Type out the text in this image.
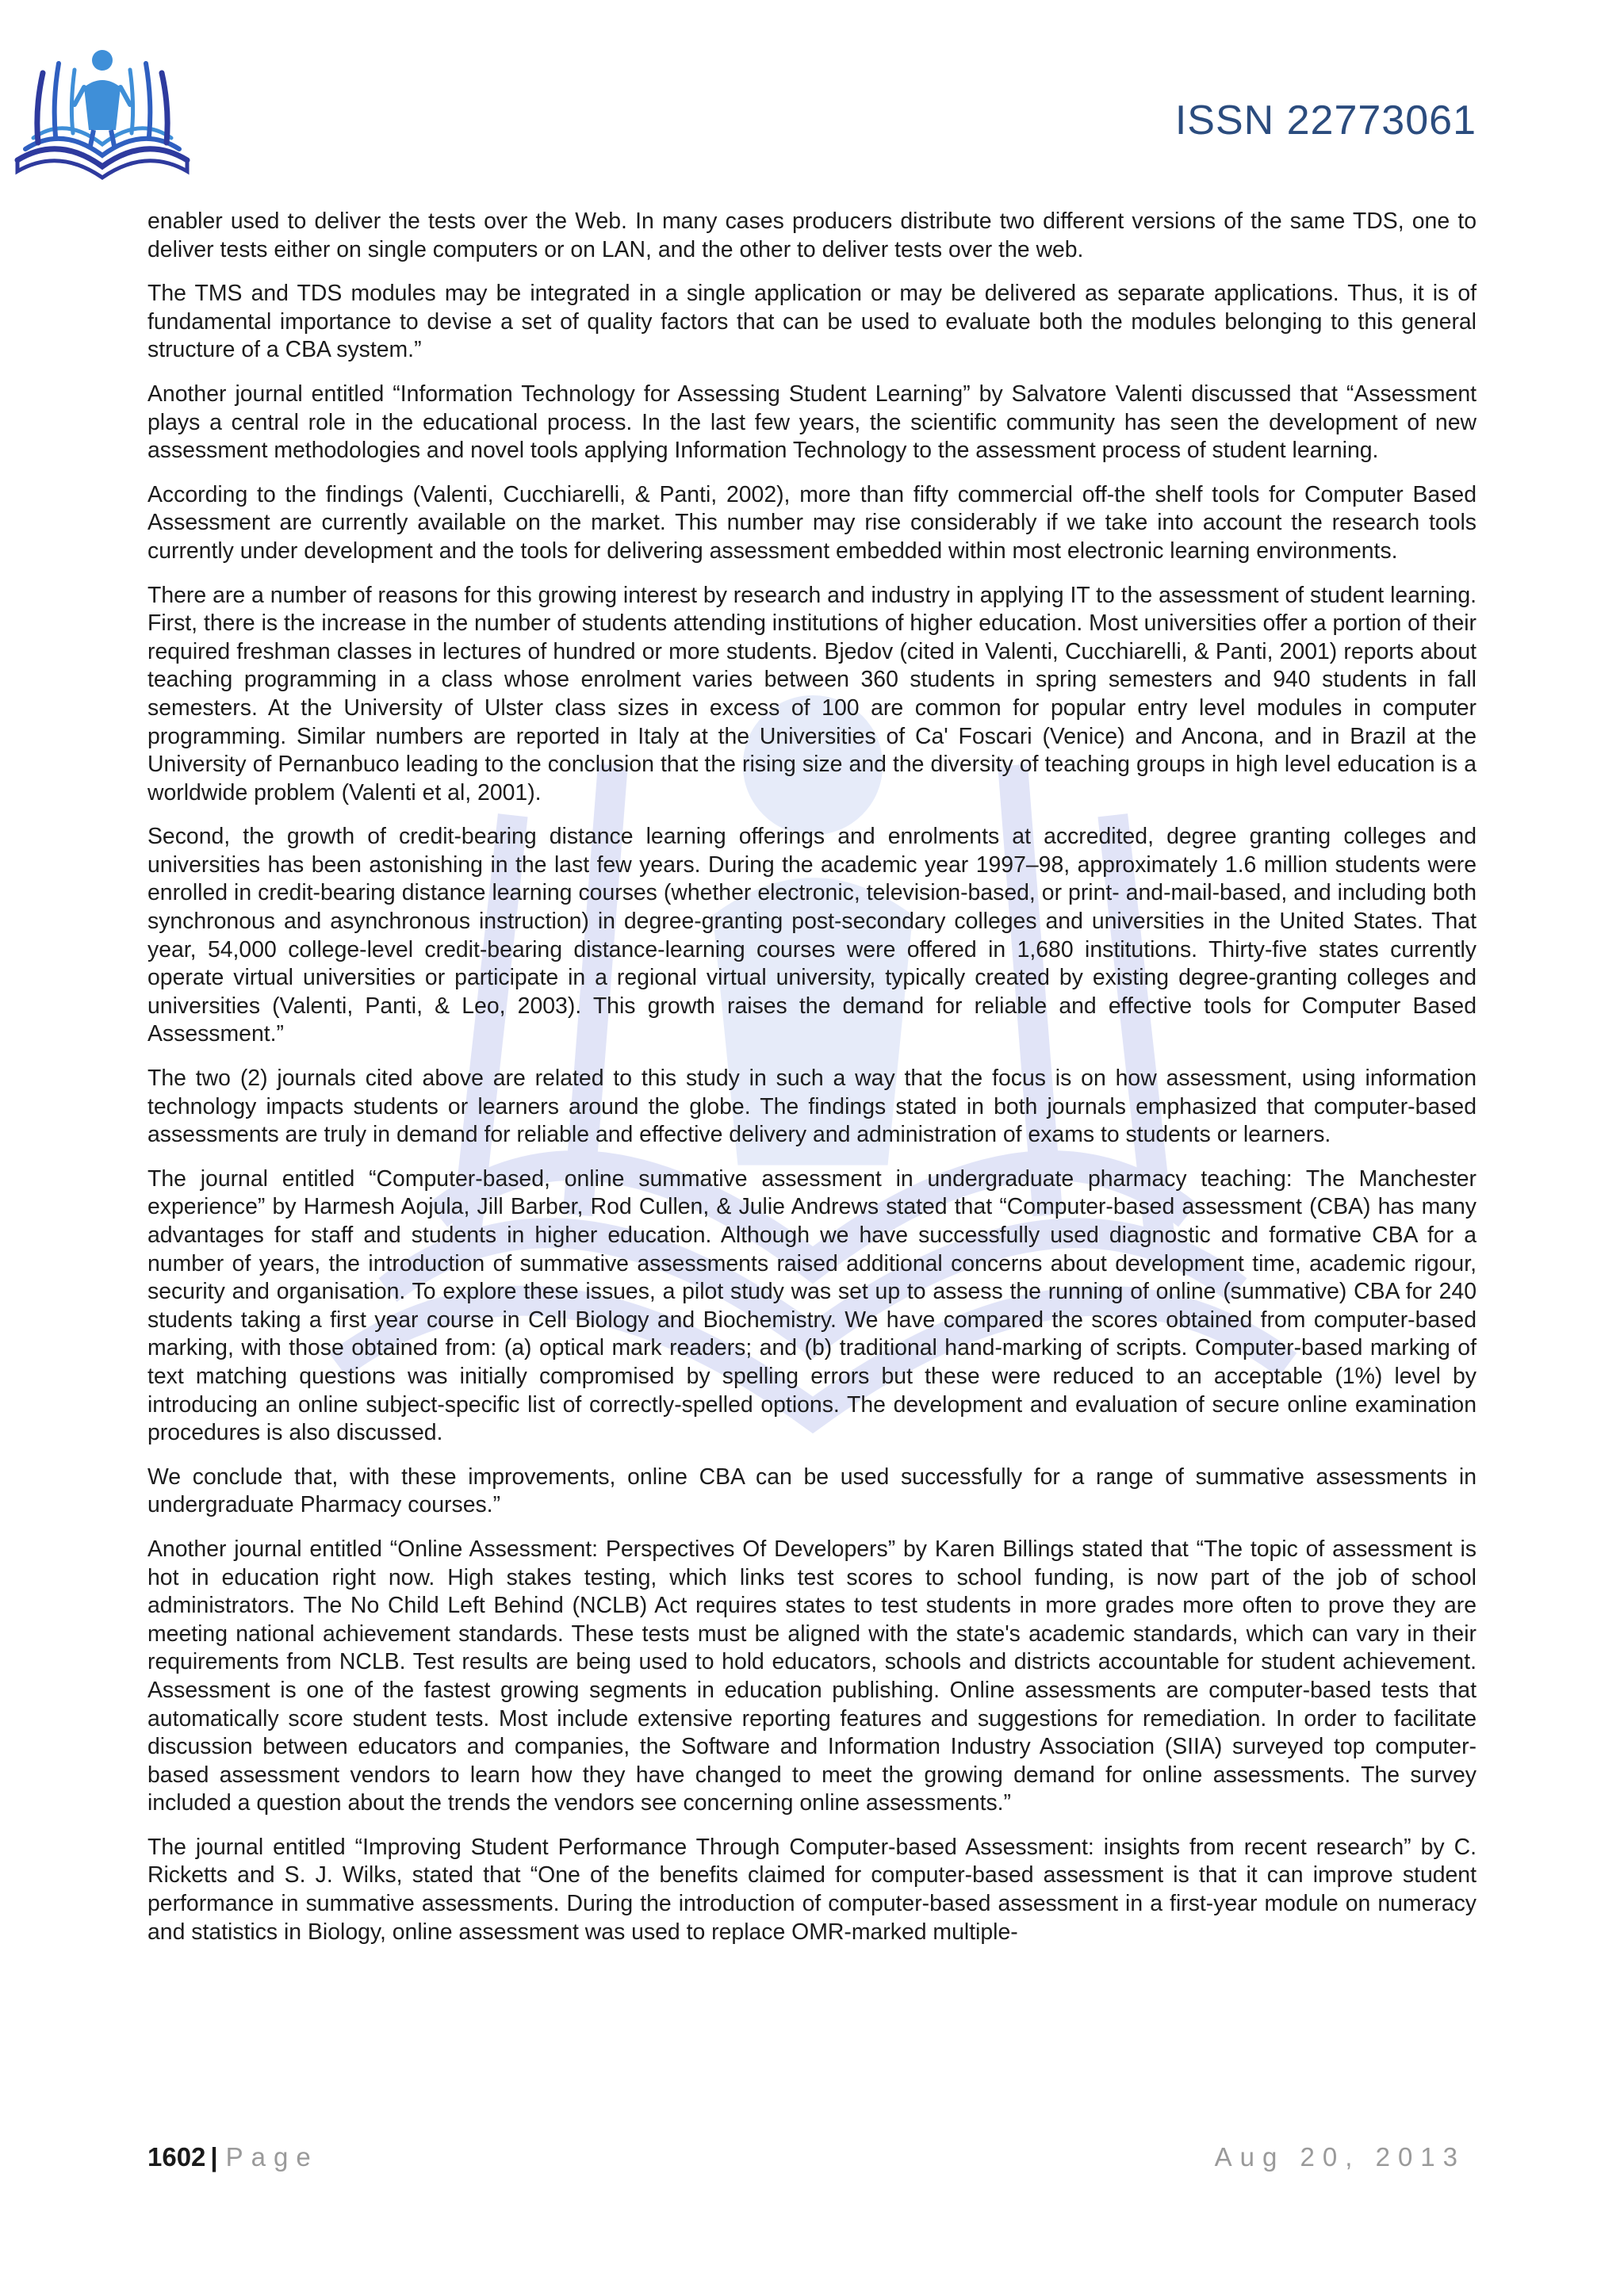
ISSN 22773061

enabler used to deliver the tests over the Web. In many cases producers distribute two different versions of the same TDS, one to deliver tests either on single computers or on LAN, and the other to deliver tests over the web.

The TMS and TDS modules may be integrated in a single application or may be delivered as separate applications. Thus, it is of fundamental importance to devise a set of quality factors that can be used to evaluate both the modules belonging to this general structure of a CBA system.”

Another journal entitled “Information Technology for Assessing Student Learning” by Salvatore Valenti discussed that “Assessment plays a central role in the educational process. In the last few years, the scientific community has seen the development of new assessment methodologies and novel tools applying Information Technology to the assessment process of student learning.

According to the findings (Valenti, Cucchiarelli, & Panti, 2002), more than fifty commercial off-the shelf tools for Computer Based Assessment are currently available on the market. This number may rise considerably if we take into account the research tools currently under development and the tools for delivering assessment embedded within most electronic learning environments.

There are a number of reasons for this growing interest by research and industry in applying IT to the assessment of student learning. First, there is the increase in the number of students attending institutions of higher education. Most universities offer a portion of their required freshman classes in lectures of hundred or more students. Bjedov (cited in Valenti, Cucchiarelli, & Panti, 2001) reports about teaching programming in a class whose enrolment varies between 360 students in spring semesters and 940 students in fall semesters. At the University of Ulster class sizes in excess of 100 are common for popular entry level modules in computer programming. Similar numbers are reported in Italy at the Universities of Ca' Foscari (Venice) and Ancona, and in Brazil at the University of Pernanbuco leading to the conclusion that the rising size and the diversity of teaching groups in high level education is a worldwide problem (Valenti et al, 2001).

Second, the growth of credit-bearing distance learning offerings and enrolments at accredited, degree granting colleges and universities has been astonishing in the last few years. During the academic year 1997–98, approximately 1.6 million students were enrolled in credit-bearing distance learning courses (whether electronic, television-based, or print- and-mail-based, and including both synchronous and asynchronous instruction) in degree-granting post-secondary colleges and universities in the United States. That year, 54,000 college-level credit-bearing distance-learning courses were offered in 1,680 institutions. Thirty-five states currently operate virtual universities or participate in a regional virtual university, typically created by existing degree-granting colleges and universities (Valenti, Panti, & Leo, 2003). This growth raises the demand for reliable and effective tools for Computer Based Assessment.”

The two (2) journals cited above are related to this study in such a way that the focus is on how assessment, using information technology impacts students or learners around the globe. The findings stated in both journals emphasized that computer-based assessments are truly in demand for reliable and effective delivery and administration of exams to students or learners.

The journal entitled “Computer-based, online summative assessment in undergraduate pharmacy teaching: The Manchester experience” by Harmesh Aojula, Jill Barber, Rod Cullen, & Julie Andrews stated that “Computer-based assessment (CBA) has many advantages for staff and students in higher education. Although we have successfully used diagnostic and formative CBA for a number of years, the introduction of summative assessments raised additional concerns about development time, academic rigour, security and organisation. To explore these issues, a pilot study was set up to assess the running of online (summative) CBA for 240 students taking a first year course in Cell Biology and Biochemistry. We have compared the scores obtained from computer-based marking, with those obtained from: (a) optical mark readers; and (b) traditional hand-marking of scripts. Computer-based marking of text matching questions was initially compromised by spelling errors but these were reduced to an acceptable (1%) level by introducing an online subject-specific list of correctly-spelled options. The development and evaluation of secure online examination procedures is also discussed.

We conclude that, with these improvements, online CBA can be used successfully for a range of summative assessments in undergraduate Pharmacy courses.”

Another journal entitled “Online Assessment: Perspectives Of Developers” by Karen Billings stated that “The topic of assessment is hot in education right now. High stakes testing, which links test scores to school funding, is now part of the job of school administrators. The No Child Left Behind (NCLB) Act requires states to test students in more grades more often to prove they are meeting national achievement standards. These tests must be aligned with the state's academic standards, which can vary in their requirements from NCLB. Test results are being used to hold educators, schools and districts accountable for student achievement. Assessment is one of the fastest growing segments in education publishing. Online assessments are computer-based tests that automatically score student tests. Most include extensive reporting features and suggestions for remediation. In order to facilitate discussion between educators and companies, the Software and Information Industry Association (SIIA) surveyed top computer-based assessment vendors to learn how they have changed to meet the growing demand for online assessments. The survey included a question about the trends the vendors see concerning online assessments.”

The journal entitled “Improving Student Performance Through Computer-based Assessment: insights from recent research” by C. Ricketts and S. J. Wilks, stated that “One of the benefits claimed for computer-based assessment is that it can improve student performance in summative assessments. During the introduction of computer-based assessment in a first-year module on numeracy and statistics in Biology, online assessment was used to replace OMR-marked multiple-

1602 | Page	Aug 20, 2013
